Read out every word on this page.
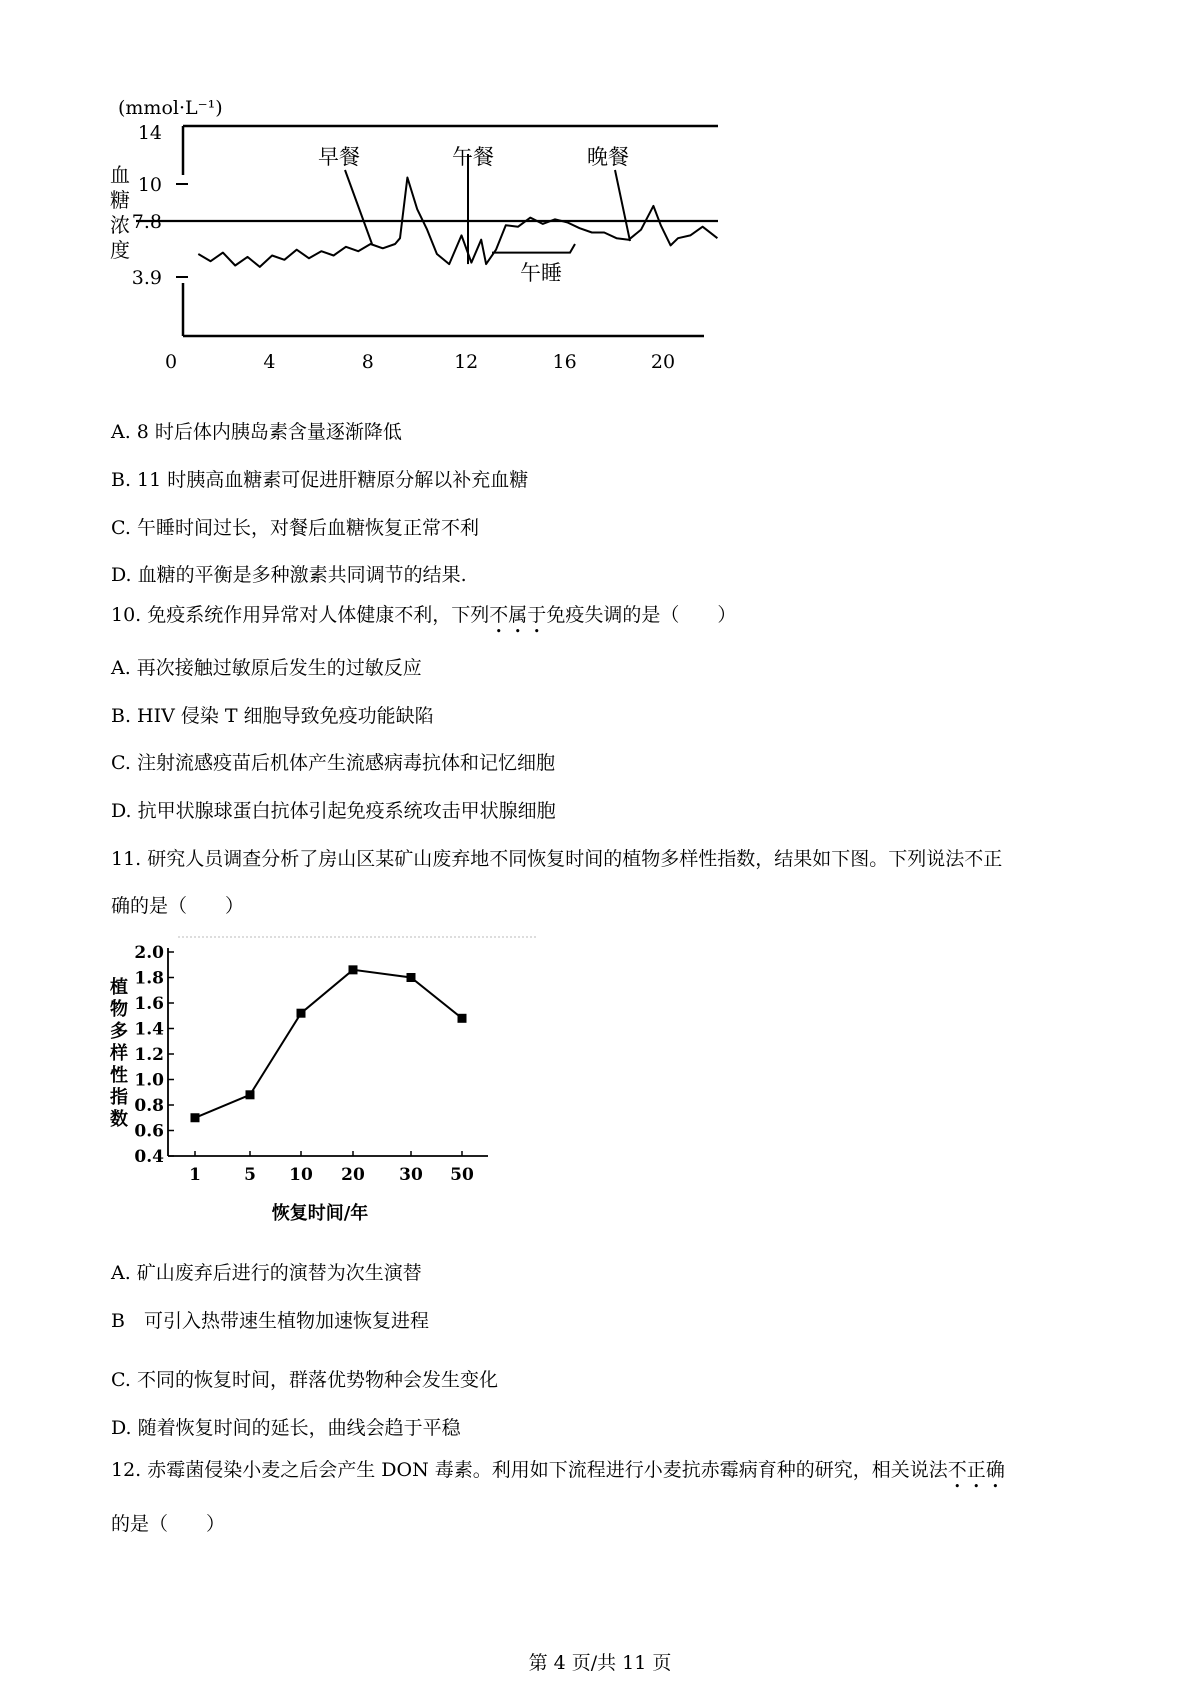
(mmol·L⁻¹)
血
糖
浓
度
14
10
7.8
3.9
0	4	8	12	16	20
早餐	午餐	晚餐
午睡
A. 8 时后体内胰岛素含量逐渐降低
B. 11 时胰高血糖素可促进肝糖原分解以补充血糖
C. 午睡时间过长，对餐后血糖恢复正常不利
D. 血糖的平衡是多种激素共同调节的结果.
10. 免疫系统作用异常对人体健康不利，下列不属于免疫失调的是（　　）
A. 再次接触过敏原后发生的过敏反应
B. HIV 侵染 T 细胞导致免疫功能缺陷
C. 注射流感疫苗后机体产生流感病毒抗体和记忆细胞
D. 抗甲状腺球蛋白抗体引起免疫系统攻击甲状腺细胞
11. 研究人员调查分析了房山区某矿山废弃地不同恢复时间的植物多样性指数，结果如下图。下列说法不正
确的是（　　）
植
物
多
样
性
指
数
0.4
0.6
0.8
1.0
1.2
1.4
1.6
1.8
2.0
1	5 10 20 30 50
恢复时间/年
A. 矿山废弃后进行的演替为次生演替
B　可引入热带速生植物加速恢复进程
C. 不同的恢复时间，群落优势物种会发生变化
D. 随着恢复时间的延长，曲线会趋于平稳
12. 赤霉菌侵染小麦之后会产生 DON 毒素。利用如下流程进行小麦抗赤霉病育种的研究，相关说法不正确
的是（　　）
第 4 页/共 11 页
